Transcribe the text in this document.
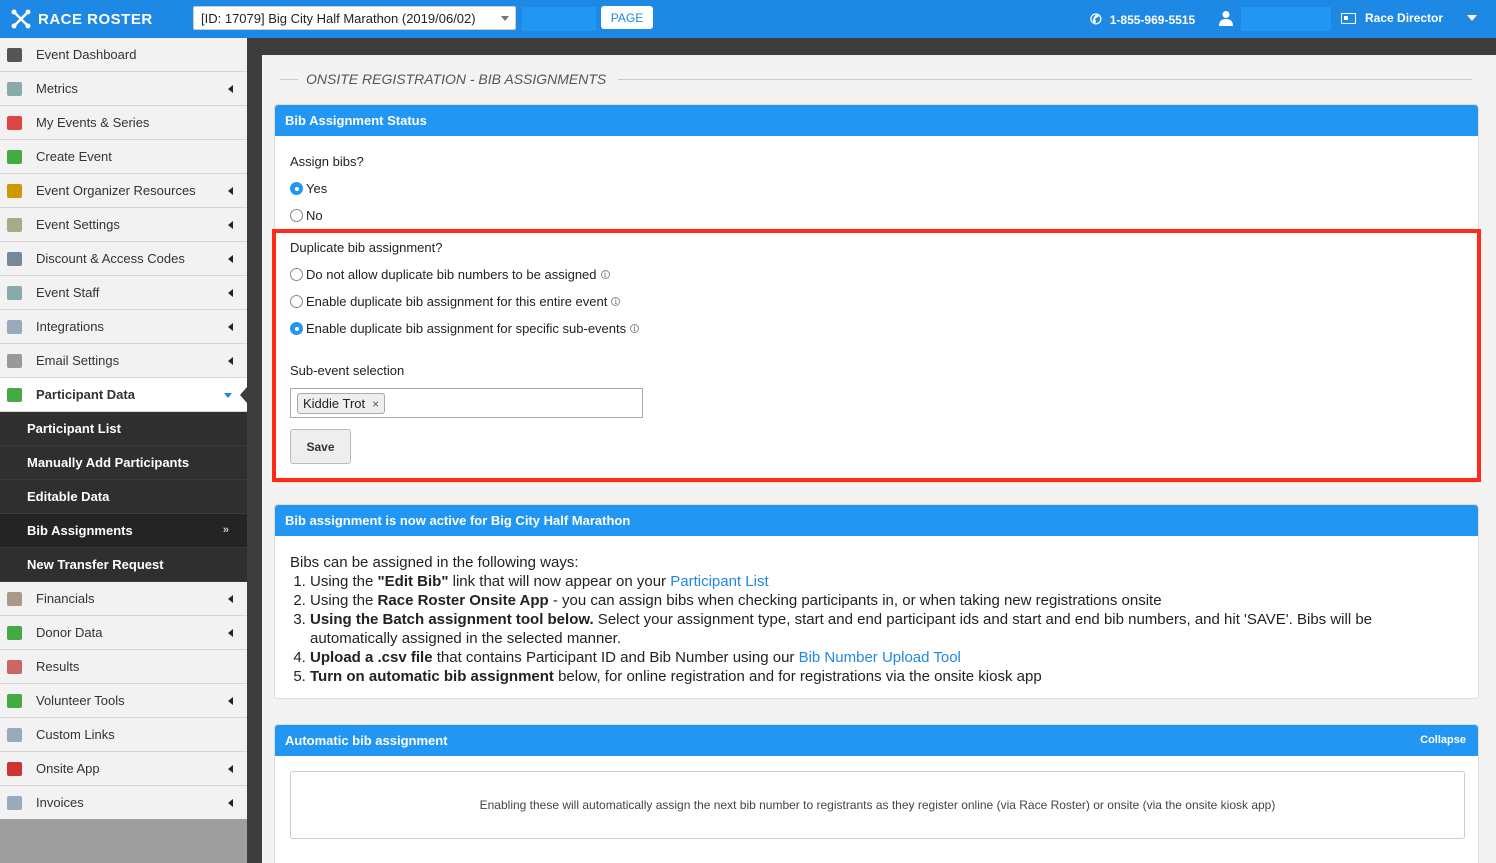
RACE ROSTER	[ID: 17079] Big City Half Marathon (2019/06/02)	PAGE	✆ 1-855-969-5515	Race Director
Event Dashboard
Metrics
My Events & Series
Create Event
Event Organizer Resources
Event Settings
Discount & Access Codes
Event Staff
Integrations
Email Settings
Participant Data
Participant List
Manually Add Participants
Editable Data
Bib Assignments	»
New Transfer Request
Financials
Donor Data
Results
Volunteer Tools
Custom Links
Onsite App
Invoices
ONSITE REGISTRATION - BIB ASSIGNMENTS
Bib Assignment Status
Assign bibs?
Yes
No
Duplicate bib assignment?
Do not allow duplicate bib numbers to be assigned	i
Enable duplicate bib assignment for this entire event	i
Enable duplicate bib assignment for specific sub-events	i
Sub-event selection
Kiddie Trot ×
Save
Bib assignment is now active for Big City Half Marathon
Bibs can be assigned in the following ways:
1. Using the "Edit Bib" link that will now appear on your Participant List
2. Using the Race Roster Onsite App - you can assign bibs when checking participants in, or when taking new registrations onsite
3. Using the Batch assignment tool below. Select your assignment type, start and end participant ids and start and end bib numbers, and hit 'SAVE'. Bibs will be automatically assigned in the selected manner.
4. Upload a .csv file that contains Participant ID and Bib Number using our Bib Number Upload Tool
5. Turn on automatic bib assignment below, for online registration and for registrations via the onsite kiosk app
Automatic bib assignment	Collapse
Enabling these will automatically assign the next bib number to registrants as they register online (via Race Roster) or onsite (via the onsite kiosk app)
